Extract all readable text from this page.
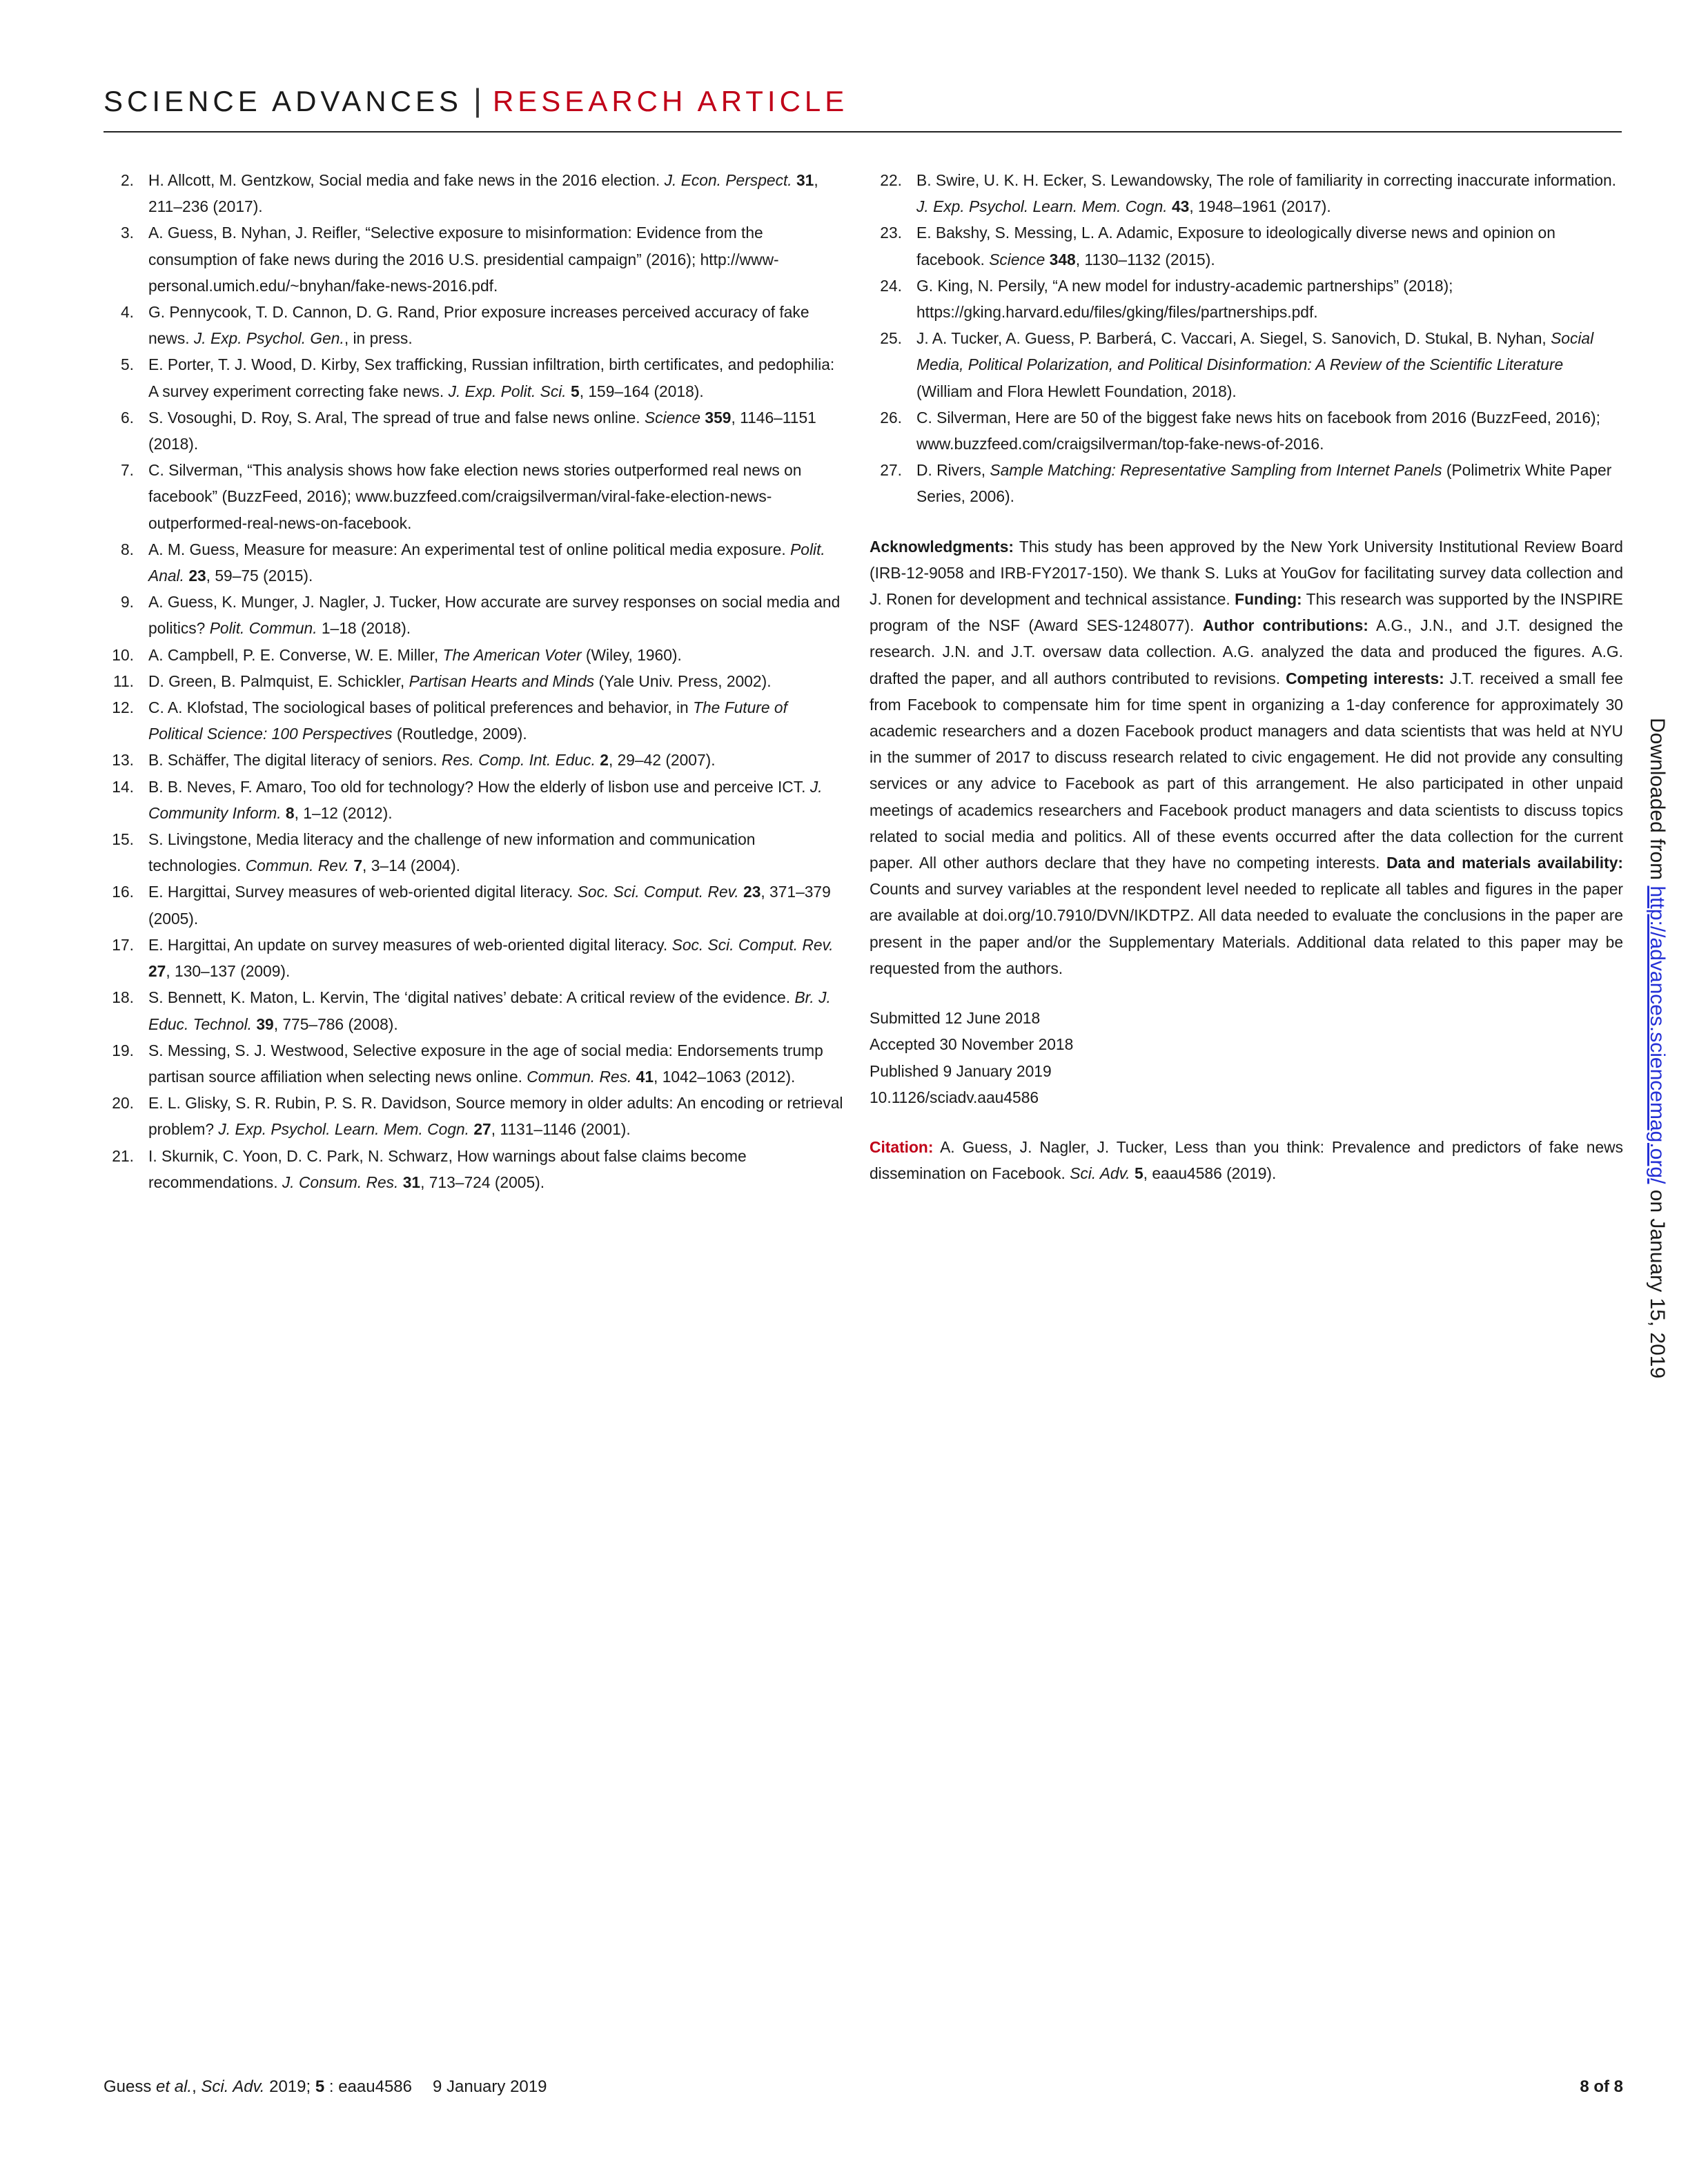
SCIENCE ADVANCES | RESEARCH ARTICLE
2. H. Allcott, M. Gentzkow, Social media and fake news in the 2016 election. J. Econ. Perspect. 31, 211–236 (2017).
3. A. Guess, B. Nyhan, J. Reifler, “Selective exposure to misinformation: Evidence from the consumption of fake news during the 2016 U.S. presidential campaign” (2016); http://www-personal.umich.edu/~bnyhan/fake-news-2016.pdf.
4. G. Pennycook, T. D. Cannon, D. G. Rand, Prior exposure increases perceived accuracy of fake news. J. Exp. Psychol. Gen., in press.
5. E. Porter, T. J. Wood, D. Kirby, Sex trafficking, Russian infiltration, birth certificates, and pedophilia: A survey experiment correcting fake news. J. Exp. Polit. Sci. 5, 159–164 (2018).
6. S. Vosoughi, D. Roy, S. Aral, The spread of true and false news online. Science 359, 1146–1151 (2018).
7. C. Silverman, “This analysis shows how fake election news stories outperformed real news on facebook” (BuzzFeed, 2016); www.buzzfeed.com/craigsilverman/viral-fake-election-news-outperformed-real-news-on-facebook.
8. A. M. Guess, Measure for measure: An experimental test of online political media exposure. Polit. Anal. 23, 59–75 (2015).
9. A. Guess, K. Munger, J. Nagler, J. Tucker, How accurate are survey responses on social media and politics? Polit. Commun. 1–18 (2018).
10. A. Campbell, P. E. Converse, W. E. Miller, The American Voter (Wiley, 1960).
11. D. Green, B. Palmquist, E. Schickler, Partisan Hearts and Minds (Yale Univ. Press, 2002).
12. C. A. Klofstad, The sociological bases of political preferences and behavior, in The Future of Political Science: 100 Perspectives (Routledge, 2009).
13. B. Schäffer, The digital literacy of seniors. Res. Comp. Int. Educ. 2, 29–42 (2007).
14. B. B. Neves, F. Amaro, Too old for technology? How the elderly of lisbon use and perceive ICT. J. Community Inform. 8, 1–12 (2012).
15. S. Livingstone, Media literacy and the challenge of new information and communication technologies. Commun. Rev. 7, 3–14 (2004).
16. E. Hargittai, Survey measures of web-oriented digital literacy. Soc. Sci. Comput. Rev. 23, 371–379 (2005).
17. E. Hargittai, An update on survey measures of web-oriented digital literacy. Soc. Sci. Comput. Rev. 27, 130–137 (2009).
18. S. Bennett, K. Maton, L. Kervin, The ‘digital natives’ debate: A critical review of the evidence. Br. J. Educ. Technol. 39, 775–786 (2008).
19. S. Messing, S. J. Westwood, Selective exposure in the age of social media: Endorsements trump partisan source affiliation when selecting news online. Commun. Res. 41, 1042–1063 (2012).
20. E. L. Glisky, S. R. Rubin, P. S. R. Davidson, Source memory in older adults: An encoding or retrieval problem? J. Exp. Psychol. Learn. Mem. Cogn. 27, 1131–1146 (2001).
21. I. Skurnik, C. Yoon, D. C. Park, N. Schwarz, How warnings about false claims become recommendations. J. Consum. Res. 31, 713–724 (2005).
22. B. Swire, U. K. H. Ecker, S. Lewandowsky, The role of familiarity in correcting inaccurate information. J. Exp. Psychol. Learn. Mem. Cogn. 43, 1948–1961 (2017).
23. E. Bakshy, S. Messing, L. A. Adamic, Exposure to ideologically diverse news and opinion on facebook. Science 348, 1130–1132 (2015).
24. G. King, N. Persily, “A new model for industry-academic partnerships” (2018); https://gking.harvard.edu/files/gking/files/partnerships.pdf.
25. J. A. Tucker, A. Guess, P. Barberá, C. Vaccari, A. Siegel, S. Sanovich, D. Stukal, B. Nyhan, Social Media, Political Polarization, and Political Disinformation: A Review of the Scientific Literature (William and Flora Hewlett Foundation, 2018).
26. C. Silverman, Here are 50 of the biggest fake news hits on facebook from 2016 (BuzzFeed, 2016); www.buzzfeed.com/craigsilverman/top-fake-news-of-2016.
27. D. Rivers, Sample Matching: Representative Sampling from Internet Panels (Polimetrix White Paper Series, 2006).
Acknowledgments: This study has been approved by the New York University Institutional Review Board (IRB-12-9058 and IRB-FY2017-150). We thank S. Luks at YouGov for facilitating survey data collection and J. Ronen for development and technical assistance. Funding: This research was supported by the INSPIRE program of the NSF (Award SES-1248077). Author contributions: A.G., J.N., and J.T. designed the research. J.N. and J.T. oversaw data collection. A.G. analyzed the data and produced the figures. A.G. drafted the paper, and all authors contributed to revisions. Competing interests: J.T. received a small fee from Facebook to compensate him for time spent in organizing a 1-day conference for approximately 30 academic researchers and a dozen Facebook product managers and data scientists that was held at NYU in the summer of 2017 to discuss research related to civic engagement. He did not provide any consulting services or any advice to Facebook as part of this arrangement. He also participated in other unpaid meetings of academics researchers and Facebook product managers and data scientists to discuss topics related to social media and politics. All of these events occurred after the data collection for the current paper. All other authors declare that they have no competing interests. Data and materials availability: Counts and survey variables at the respondent level needed to replicate all tables and figures in the paper are available at doi.org/10.7910/DVN/IKDTPZ. All data needed to evaluate the conclusions in the paper are present in the paper and/or the Supplementary Materials. Additional data related to this paper may be requested from the authors.
Submitted 12 June 2018
Accepted 30 November 2018
Published 9 January 2019
10.1126/sciadv.aau4586
Citation: A. Guess, J. Nagler, J. Tucker, Less than you think: Prevalence and predictors of fake news dissemination on Facebook. Sci. Adv. 5, eaau4586 (2019).
Downloaded from http://advances.sciencemag.org/ on January 15, 2019
Guess et al., Sci. Adv. 2019; 5 : eaau4586 9 January 2019	8 of 8
